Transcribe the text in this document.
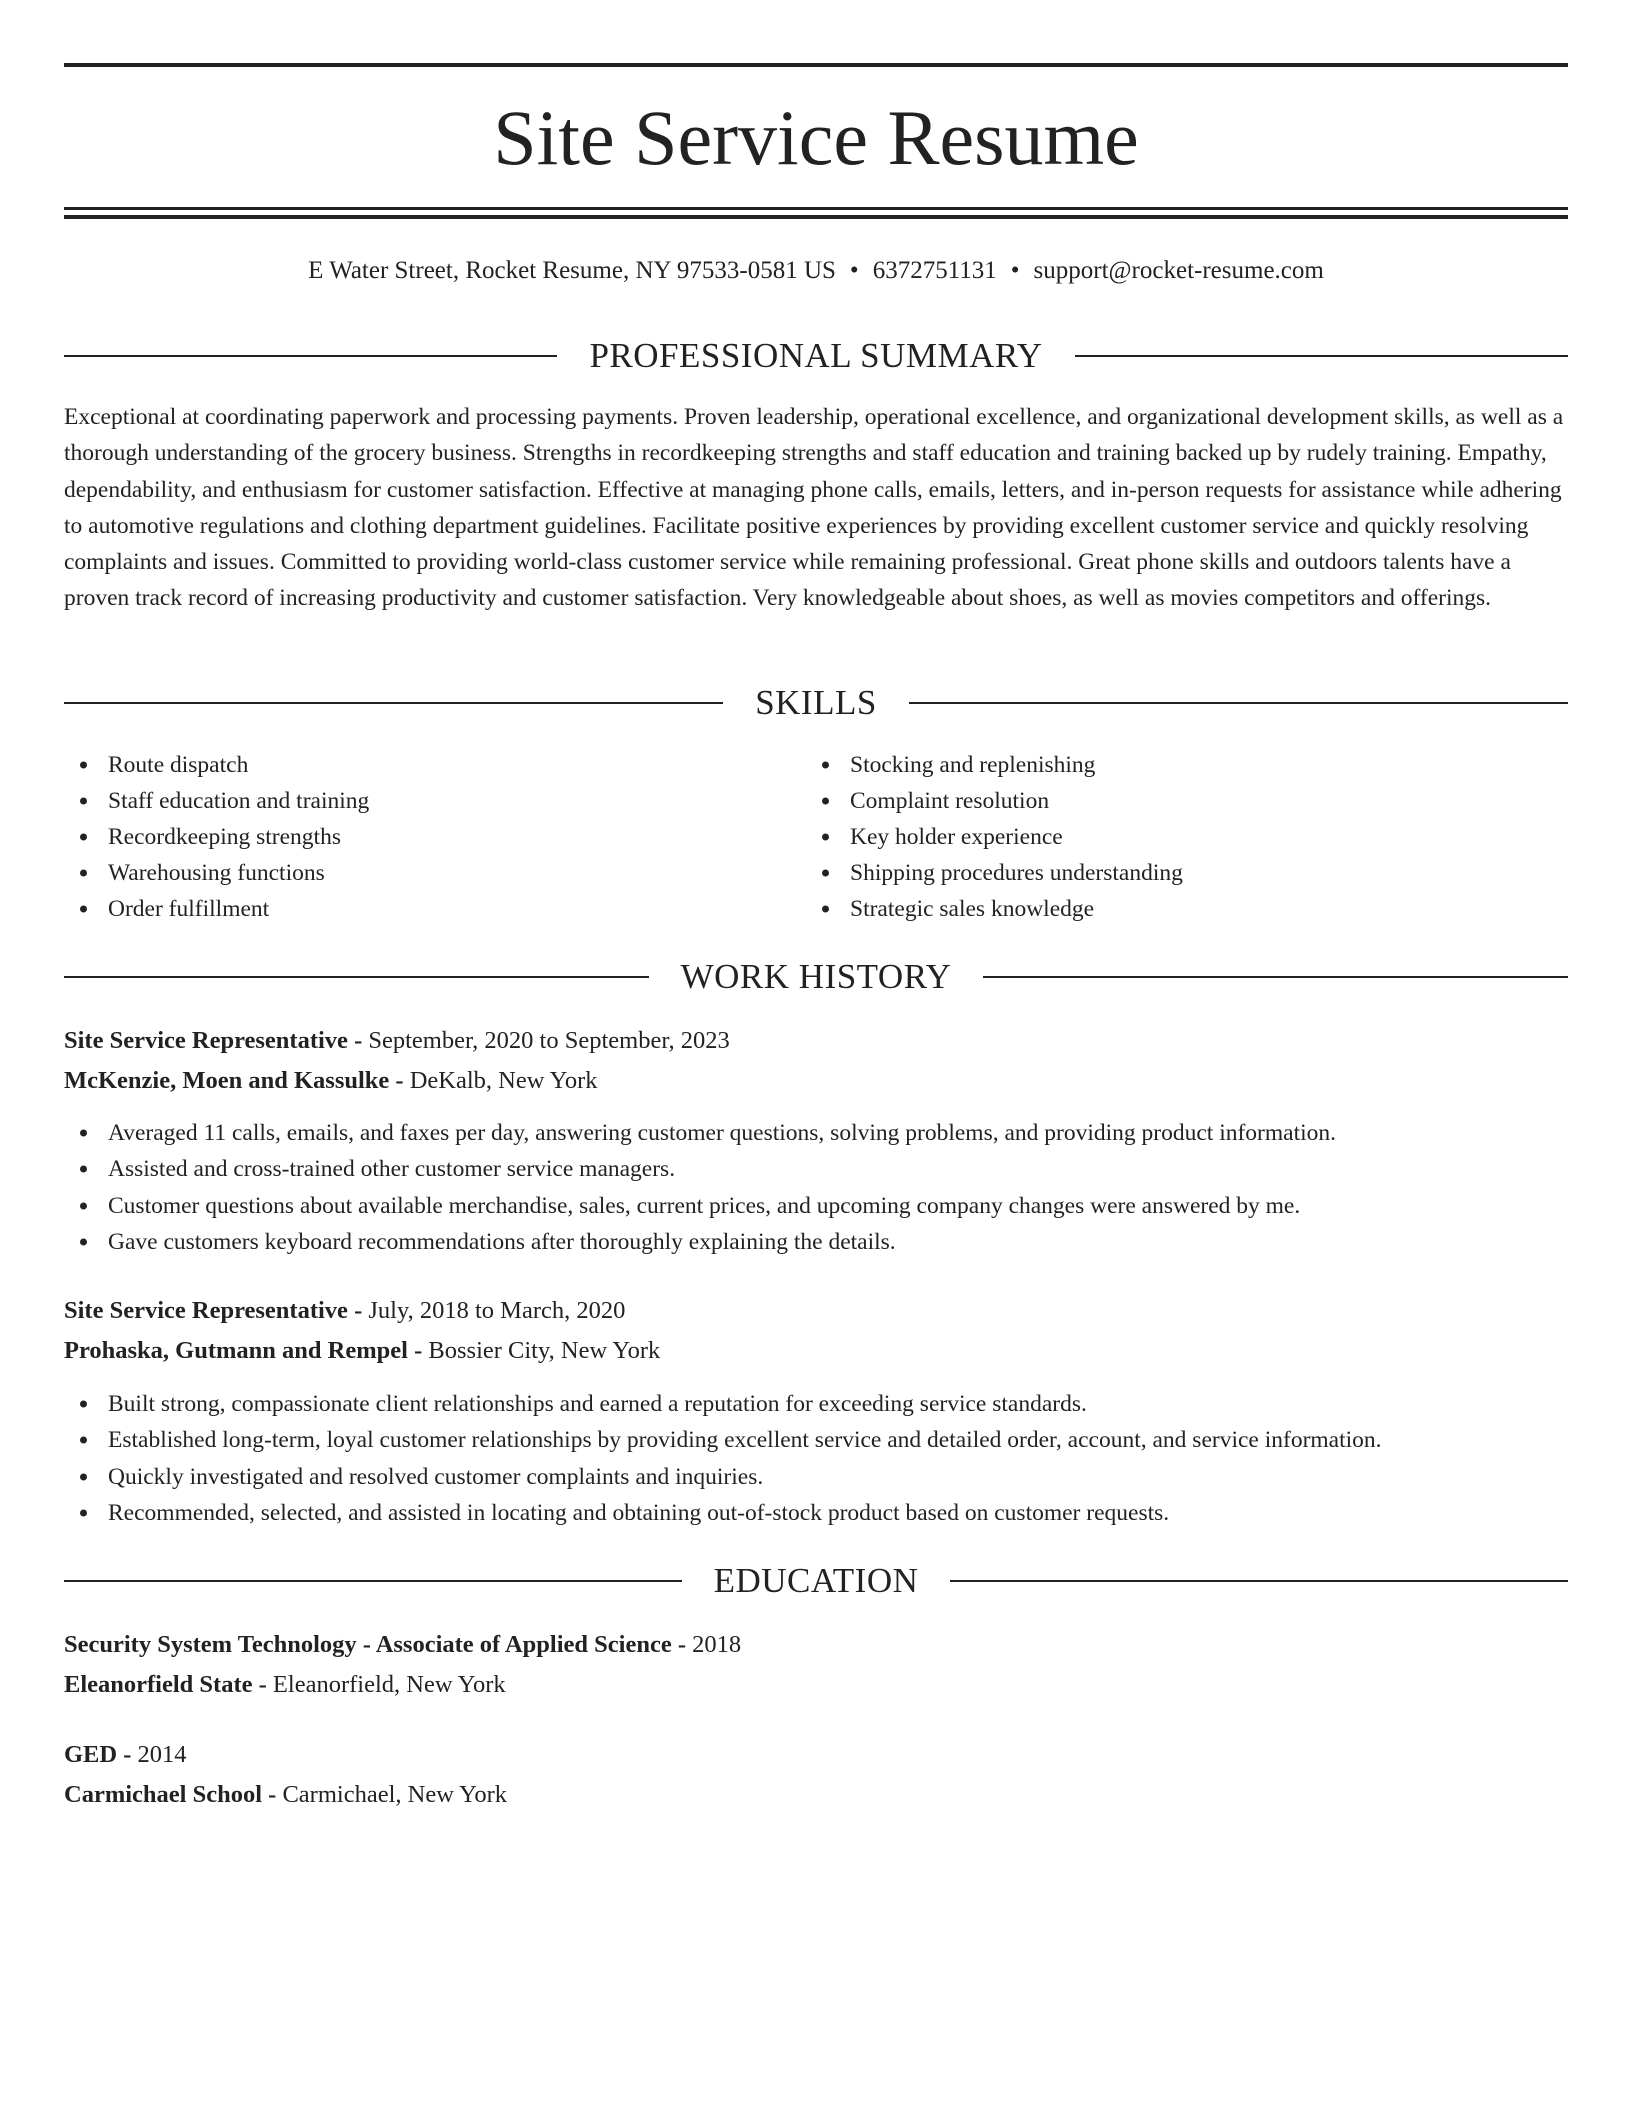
Site Service Resume
E Water Street, Rocket Resume, NY 97533-0581 US • 6372751131 • support@rocket-resume.com
PROFESSIONAL SUMMARY

Exceptional at coordinating paperwork and processing payments. Proven leadership, operational excellence, and organizational development skills, as well as a thorough understanding of the grocery business. Strengths in recordkeeping strengths and staff education and training backed up by rudely training. Empathy, dependability, and enthusiasm for customer satisfaction. Effective at managing phone calls, emails, letters, and in-person requests for assistance while adhering to automotive regulations and clothing department guidelines. Facilitate positive experiences by providing excellent customer service and quickly resolving complaints and issues. Committed to providing world-class customer service while remaining professional. Great phone skills and outdoors talents have a proven track record of increasing productivity and customer satisfaction. Very knowledgeable about shoes, as well as movies competitors and offerings.

SKILLS
Route dispatch
Staff education and training
Recordkeeping strengths
Warehousing functions
Order fulfillment
Stocking and replenishing
Complaint resolution
Key holder experience
Shipping procedures understanding
Strategic sales knowledge
WORK HISTORY
Site Service Representative - September, 2020 to September, 2023
McKenzie, Moen and Kassulke - DeKalb, New York
Averaged 11 calls, emails, and faxes per day, answering customer questions, solving problems, and providing product information.
Assisted and cross-trained other customer service managers.
Customer questions about available merchandise, sales, current prices, and upcoming company changes were answered by me.
Gave customers keyboard recommendations after thoroughly explaining the details.
Site Service Representative - July, 2018 to March, 2020
Prohaska, Gutmann and Rempel - Bossier City, New York
Built strong, compassionate client relationships and earned a reputation for exceeding service standards.
Established long-term, loyal customer relationships by providing excellent service and detailed order, account, and service information.
Quickly investigated and resolved customer complaints and inquiries.
Recommended, selected, and assisted in locating and obtaining out-of-stock product based on customer requests.
EDUCATION
Security System Technology - Associate of Applied Science - 2018
Eleanorfield State - Eleanorfield, New York
GED - 2014
Carmichael School - Carmichael, New York
